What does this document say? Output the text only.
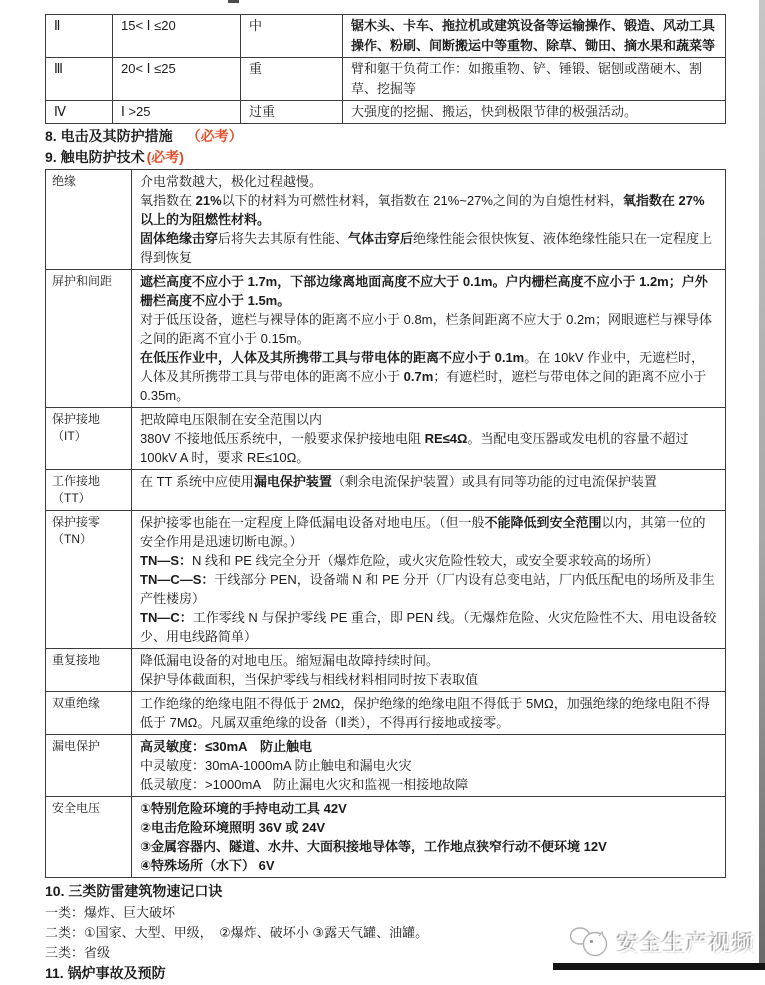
Ⅱ	15< Ⅰ ≤20	中	锯木头、卡车、拖拉机或建筑设备等运输操作、锻造、风动工具操作、粉刷、间断搬运中等重物、除草、锄田、摘水果和蔬菜等
Ⅲ	20< Ⅰ ≤25	重	臂和躯干负荷工作：如搬重物、铲、锤锻、锯刨或凿硬木、割草、挖掘等
Ⅳ	Ⅰ >25	过重	大强度的挖掘、搬运，快到极限节律的极强活动。
8. 电击及其防护措施 （必考）
9. 触电防护技术 (必考)
绝缘	介电常数越大，极化过程越慢。
氧指数在 21%以下的材料为可燃性材料，氧指数在 21%~27%之间的为自熄性材料，氧指数在 27%以上的为阻燃性材料。
固体绝缘击穿后将失去其原有性能、气体击穿后绝缘性能会很快恢复、液体绝缘性能只在一定程度上得到恢复

屏护和间距	遮栏高度不应小于 1.7m，下部边缘离地面高度不应大于 0.1m。户内栅栏高度不应小于 1.2m；户外栅栏高度不应小于 1.5m。
对于低压设备，遮栏与裸导体的距离不应小于 0.8m，栏条间距离不应大于 0.2m；网眼遮栏与裸导体之间的距离不宜小于 0.15m。
在低压作业中，人体及其所携带工具与带电体的距离不应小于 0.1m。在 10kV 作业中，无遮栏时，人体及其所携带工具与带电体的距离不应小于 0.7m；有遮栏时，遮栏与带电体之间的距离不应小于 0.35m。

保护接地（IT）	把故障电压限制在安全范围以内
380V 不接地低压系统中，一般要求保护接地电阻 RE≤4Ω。当配电变压器或发电机的容量不超过 100kV A 时，要求 RE≤10Ω。

工作接地（TT）	在 TT 系统中应使用漏电保护装置（剩余电流保护装置）或具有同等功能的过电流保护装置

保护接零（TN）	保护接零也能在一定程度上降低漏电设备对地电压。（但一般不能降低到安全范围以内，其第一位的安全作用是迅速切断电源。）
TN—S：N 线和 PE 线完全分开（爆炸危险，或火灾危险性较大，或安全要求较高的场所）
TN—C—S：干线部分 PEN，设备端 N 和 PE 分开（厂内设有总变电站，厂内低压配电的场所及非生产性楼房）
TN—C：工作零线 N 与保护零线 PE 重合，即 PEN 线。（无爆炸危险、火灾危险性不大、用电设备较少、用电线路简单）

重复接地	降低漏电设备的对地电压。缩短漏电故障持续时间。
保护导体截面积，当保护零线与相线材料相同时按下表取值

双重绝缘	工作绝缘的绝缘电阻不得低于 2MΩ，保护绝缘的绝缘电阻不得低于 5MΩ，加强绝缘的绝缘电阻不得低于 7MΩ。凡属双重绝缘的设备（Ⅱ类），不得再行接地或接零。

漏电保护	高灵敏度：≤30mA　防止触电
中灵敏度：30mA-1000mA 防止触电和漏电火灾
低灵敏度：>1000mA　防止漏电火灾和监视一相接地故障

安全电压	①特别危险环境的手持电动工具 42V
②电击危险环境照明 36V 或 24V
③金属容器内、隧道、水井、大面积接地导体等，工作地点狭窄行动不便环境 12V
④特殊场所（水下） 6V
10. 三类防雷建筑物速记口诀
一类：爆炸、巨大破坏
二类：①国家、大型、甲级，　②爆炸、破坏小 ③露天气罐、油罐。
三类：省级
11. 锅炉事故及预防
安全生产视频
